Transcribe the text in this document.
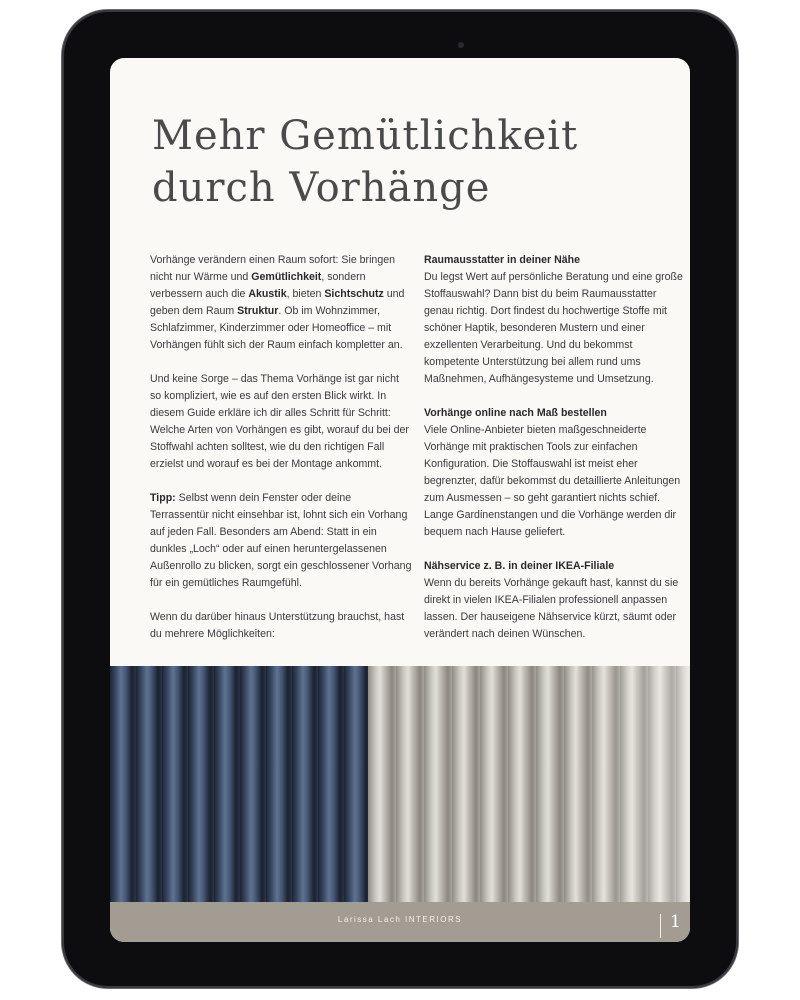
Mehr Gemütlichkeit
durch Vorhänge

Vorhänge verändern einen Raum sofort: Sie bringen nicht nur Wärme und Gemütlichkeit, sondern verbessern auch die Akustik, bieten Sichtschutz und geben dem Raum Struktur. Ob im Wohnzimmer, Schlafzimmer, Kinderzimmer oder Homeoffice – mit Vorhängen fühlt sich der Raum einfach kompletter an.

Und keine Sorge – das Thema Vorhänge ist gar nicht so kompliziert, wie es auf den ersten Blick wirkt. In diesem Guide erkläre ich dir alles Schritt für Schritt: Welche Arten von Vorhängen es gibt, worauf du bei der Stoffwahl achten solltest, wie du den richtigen Fall erzielst und worauf es bei der Montage ankommt.

Tipp: Selbst wenn dein Fenster oder deine Terrassentür nicht einsehbar ist, lohnt sich ein Vorhang auf jeden Fall. Besonders am Abend: Statt in ein dunkles „Loch“ oder auf einen heruntergelassenen Außenrollo zu blicken, sorgt ein geschlossener Vorhang für ein gemütliches Raumgefühl.

Wenn du darüber hinaus Unterstützung brauchst, hast du mehrere Möglichkeiten:

Raumausstatter in deiner Nähe
Du legst Wert auf persönliche Beratung und eine große Stoffauswahl? Dann bist du beim Raumausstatter genau richtig. Dort findest du hochwertige Stoffe mit schöner Haptik, besonderen Mustern und einer exzellenten Verarbeitung. Und du bekommst kompetente Unterstützung bei allem rund ums Maßnehmen, Aufhängesysteme und Umsetzung.

Vorhänge online nach Maß bestellen
Viele Online-Anbieter bieten maßgeschneiderte Vorhänge mit praktischen Tools zur einfachen Konfiguration. Die Stoffauswahl ist meist eher begrenzter, dafür bekommst du detaillierte Anleitungen zum Ausmessen – so geht garantiert nichts schief. Lange Gardinenstangen und die Vorhänge werden dir bequem nach Hause geliefert.

Nähservice z. B. in deiner IKEA-Filiale
Wenn du bereits Vorhänge gekauft hast, kannst du sie direkt in vielen IKEA-Filialen professionell anpassen lassen. Der hauseigene Nähservice kürzt, säumt oder verändert nach deinen Wünschen.

Larissa Lach INTERIORS	1
